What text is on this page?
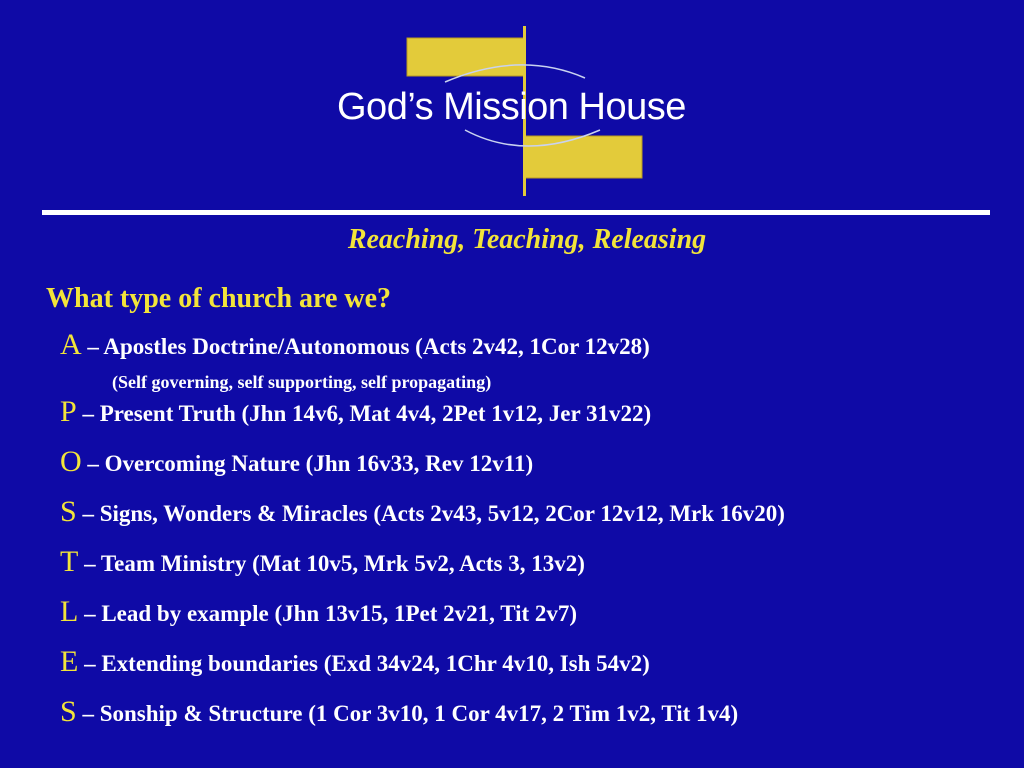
God’s Mission House
Reaching, Teaching, Releasing
What type of church are we?
A – Apostles Doctrine/Autonomous (Acts 2v42, 1Cor 12v28)
(Self governing, self supporting, self propagating)
P – Present Truth (Jhn 14v6, Mat 4v4, 2Pet 1v12, Jer 31v22)
O – Overcoming Nature (Jhn 16v33, Rev 12v11)
S – Signs, Wonders & Miracles (Acts 2v43, 5v12, 2Cor 12v12, Mrk 16v20)
T – Team Ministry (Mat 10v5, Mrk 5v2, Acts 3, 13v2)
L – Lead by example (Jhn 13v15, 1Pet 2v21, Tit 2v7)
E – Extending boundaries (Exd 34v24, 1Chr 4v10, Ish 54v2)
S – Sonship & Structure (1 Cor 3v10, 1 Cor 4v17, 2 Tim 1v2, Tit 1v4)
